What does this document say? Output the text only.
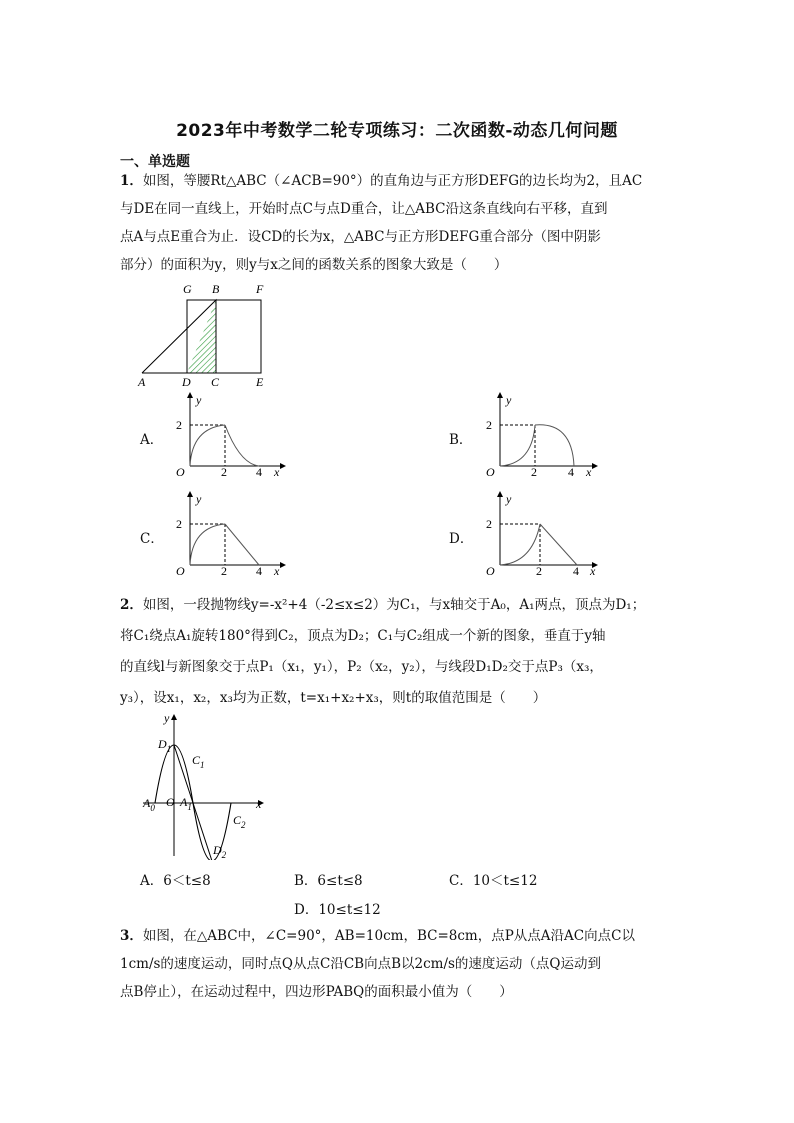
2023年中考数学二轮专项练习：二次函数-动态几何问题
一、单选题
1．如图，等腰Rt△ABC（∠ACB=90°）的直角边与正方形DEFG的边长均为2，且AC
与DE在同一直线上，开始时点C与点D重合，让△ABC沿这条直线向右平移，直到
点A与点E重合为止．设CD的长为x，△ABC与正方形DEFG重合部分（图中阴影
部分）的面积为y，则y与x之间的函数关系的图象大致是（　　）
G B	F
A	D C	E
A．
y
2
O	2 4 x
B．
y
2
O	2	4 x
C．
y
2
O	2 4 x
D．
y
2
O	2	4 x
2．如图，一段抛物线y=-x²+4（-2≤x≤2）为C₁，与x轴交于A₀，A₁两点，顶点为D₁；
将C₁绕点A₁旋转180°得到C₂，顶点为D₂；C₁与C₂组成一个新的图象，垂直于y轴
的直线l与新图象交于点P₁（x₁，y₁），P₂（x₂，y₂），与线段D₁D₂交于点P₃（x₃，
y₃），设x₁，x₂，x₃均为正数，t=x₁+x₂+x₃，则t的取值范围是（　　）
y
x
$A_0$ O $A_1$
$D_1$
$C_1$
$C_2$
$D_2$
A．6＜t≤8	B．6≤t≤8	C．10＜t≤12
D．10≤t≤12
3．如图，在△ABC中，∠C=90°，AB=10cm，BC=8cm，点P从点A沿AC向点C以
1cm/s的速度运动，同时点Q从点C沿CB向点B以2cm/s的速度运动（点Q运动到
点B停止），在运动过程中，四边形PABQ的面积最小值为（　　）
